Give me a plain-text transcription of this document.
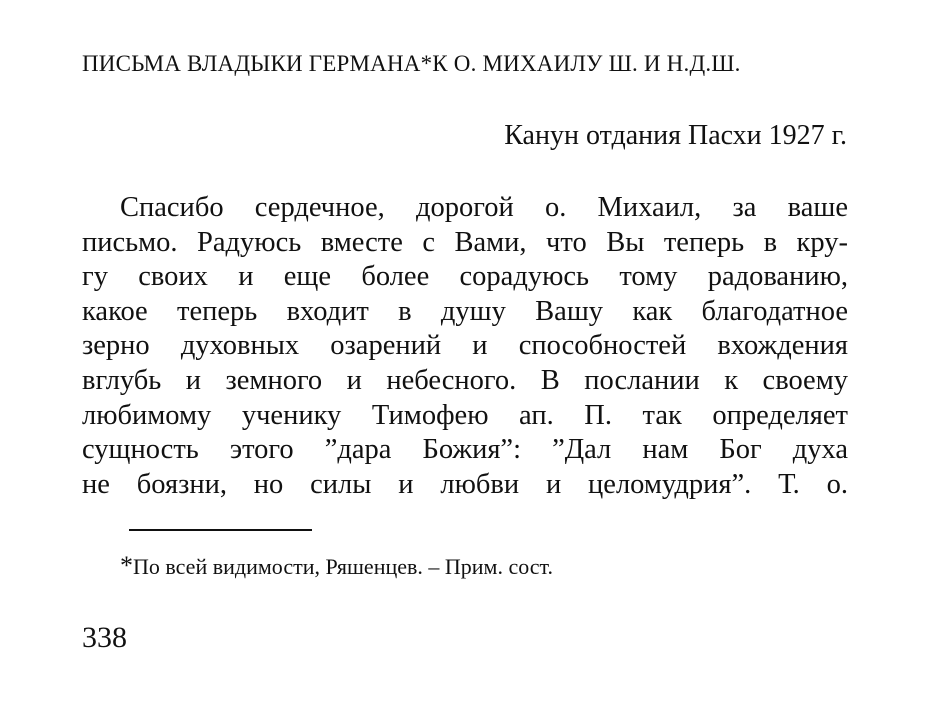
ПИСЬМА ВЛАДЫКИ ГЕРМАНА*К О. МИХАИЛУ Ш. И Н.Д.Ш.
Канун отдания Пасхи 1927 г.
Спасибо сердечное, дорогой о. Михаил, за ваше
письмо. Радуюсь вместе с Вами, что Вы теперь в кру-
гу своих и еще более сорадуюсь тому радованию,
какое теперь входит в душу Вашу как благодатное
зерно духовных озарений и способностей вхождения
вглубь и земного и небесного. В послании к своему
любимому ученику Тимофею ап. П. так определяет
сущность этого ”дара Божия”: ”Дал нам Бог духа
не боязни, но силы и любви и целомудрия”. Т. о.
*По всей видимости, Ряшенцев. – Прим. сост.
338
